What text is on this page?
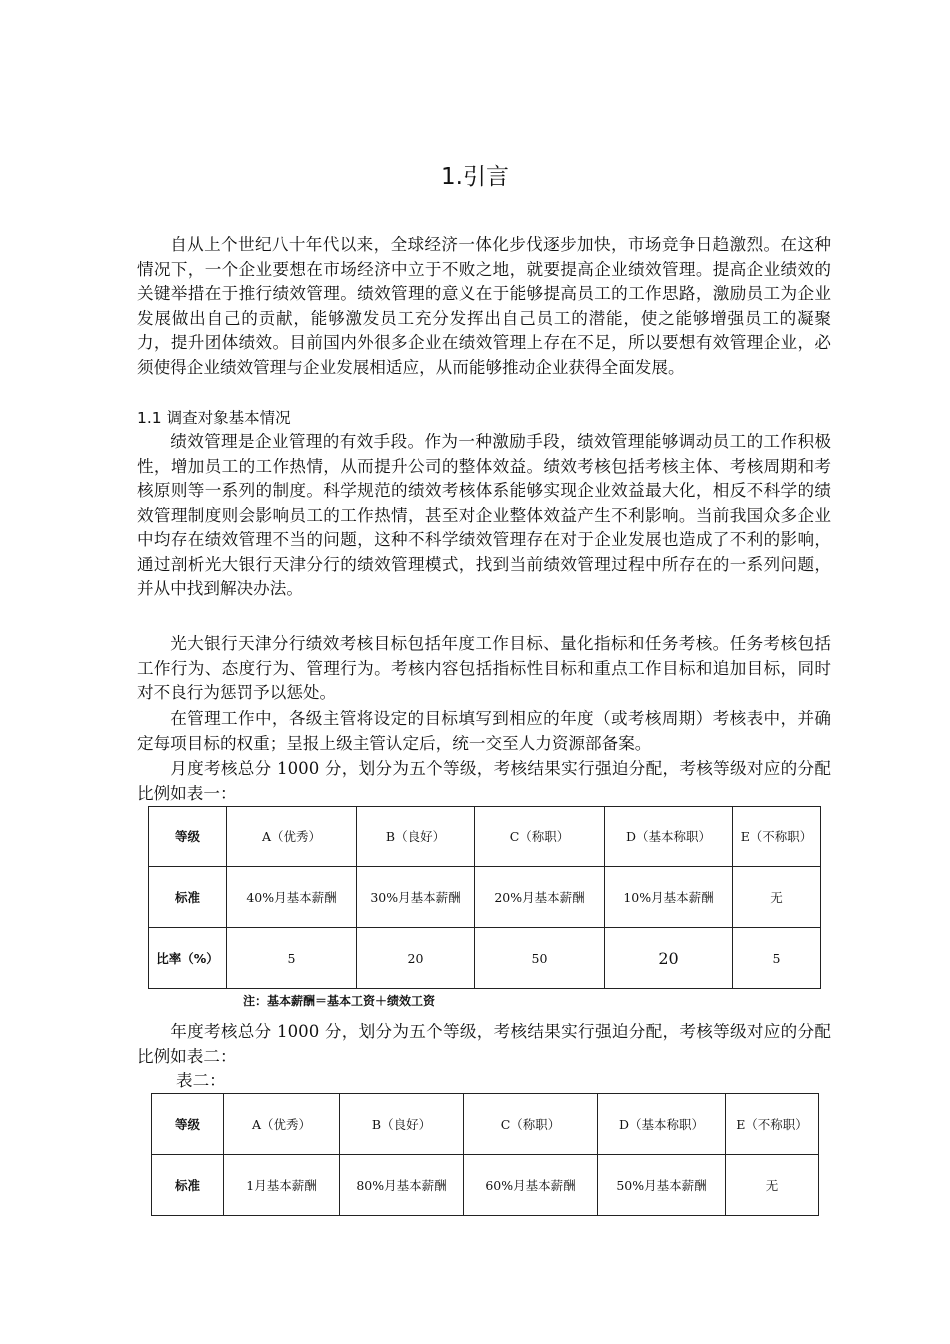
1.引言

自从上个世纪八十年代以来，全球经济一体化步伐逐步加快，市场竞争日趋激烈。在这种情况下，一个企业要想在市场经济中立于不败之地，就要提高企业绩效管理。提高企业绩效的关键举措在于推行绩效管理。绩效管理的意义在于能够提高员工的工作思路，激励员工为企业发展做出自己的贡献，能够激发员工充分发挥出自己员工的潜能，使之能够增强员工的凝聚力，提升团体绩效。目前国内外很多企业在绩效管理上存在不足，所以要想有效管理企业，必须使得企业绩效管理与企业发展相适应，从而能够推动企业获得全面发展。

1.1 调查对象基本情况

绩效管理是企业管理的有效手段。作为一种激励手段，绩效管理能够调动员工的工作积极性，增加员工的工作热情，从而提升公司的整体效益。绩效考核包括考核主体、考核周期和考核原则等一系列的制度。科学规范的绩效考核体系能够实现企业效益最大化，相反不科学的绩效管理制度则会影响员工的工作热情，甚至对企业整体效益产生不利影响。当前我国众多企业中均存在绩效管理不当的问题，这种不科学绩效管理存在对于企业发展也造成了不利的影响，通过剖析光大银行天津分行的绩效管理模式，找到当前绩效管理过程中所存在的一系列问题，并从中找到解决办法。

光大银行天津分行绩效考核目标包括年度工作目标、量化指标和任务考核。任务考核包括工作行为、态度行为、管理行为。考核内容包括指标性目标和重点工作目标和追加目标，同时对不良行为惩罚予以惩处。

在管理工作中，各级主管将设定的目标填写到相应的年度（或考核周期）考核表中，并确定每项目标的权重；呈报上级主管认定后，统一交至人力资源部备案。

月度考核总分 1000 分，划分为五个等级，考核结果实行强迫分配，考核等级对应的分配比例如表一：

等级	A（优秀）	B（良好）	C（称职）	D（基本称职）	E（不称职）
标准	40%月基本薪酬	30%月基本薪酬	20%月基本薪酬	10%月基本薪酬	无
比率（%）	5	20	50	20	5
注：基本薪酬＝基本工资＋绩效工资

年度考核总分 1000 分，划分为五个等级，考核结果实行强迫分配，考核等级对应的分配比例如表二：

表二：
等级	A（优秀）	B（良好）	C（称职）	D（基本称职）	E（不称职）
标准	1月基本薪酬	80%月基本薪酬	60%月基本薪酬	50%月基本薪酬	无
